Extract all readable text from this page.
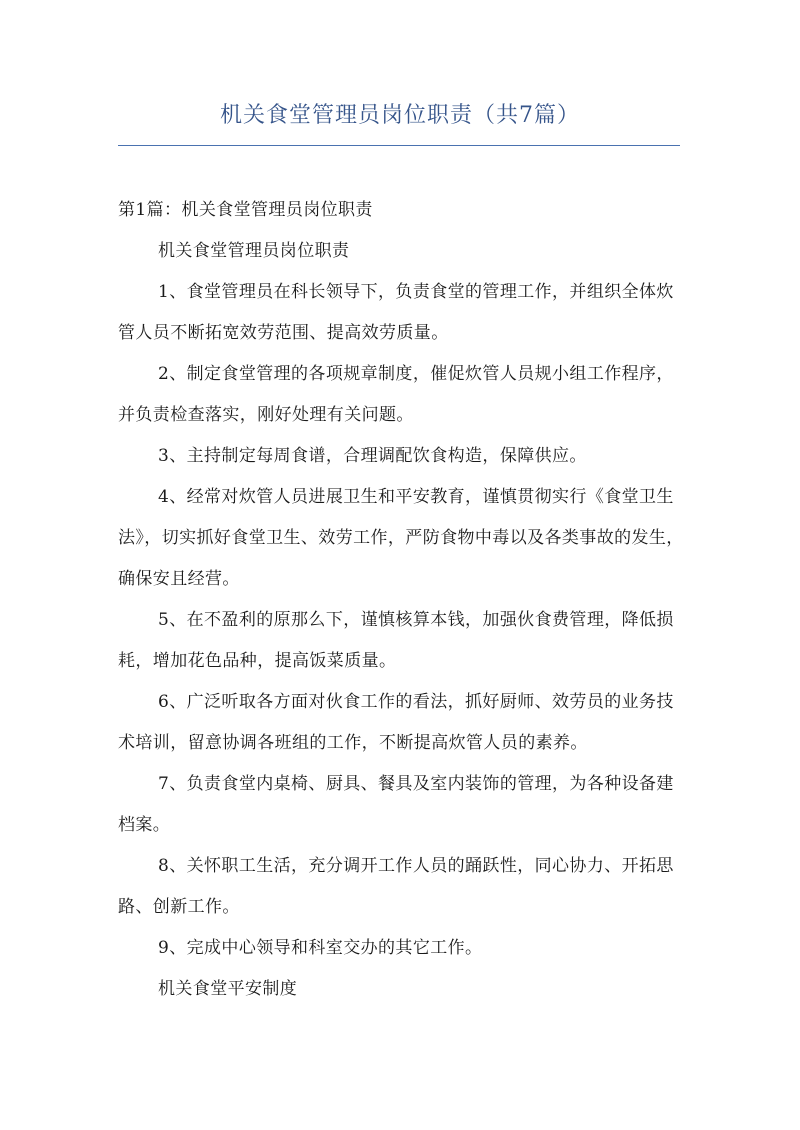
机关食堂管理员岗位职责（共7篇）

第1篇：机关食堂管理员岗位职责

机关食堂管理员岗位职责

1、食堂管理员在科长领导下，负责食堂的管理工作，并组织全体炊管人员不断拓宽效劳范围、提高效劳质量。

2、制定食堂管理的各项规章制度，催促炊管人员规小组工作程序，并负责检查落实，刚好处理有关问题。

3、主持制定每周食谱，合理调配饮食构造，保障供应。

4、经常对炊管人员进展卫生和平安教育，谨慎贯彻实行《食堂卫生法》，切实抓好食堂卫生、效劳工作，严防食物中毒以及各类事故的发生，确保安且经营。

5、在不盈利的原那么下，谨慎核算本钱，加强伙食费管理，降低损耗，增加花色品种，提高饭菜质量。

6、广泛听取各方面对伙食工作的看法，抓好厨师、效劳员的业务技术培训，留意协调各班组的工作，不断提高炊管人员的素养。

7、负责食堂内桌椅、厨具、餐具及室内装饰的管理，为各种设备建档案。

8、关怀职工生活，充分调开工作人员的踊跃性，同心协力、开拓思路、创新工作。

9、完成中心领导和科室交办的其它工作。

机关食堂平安制度
